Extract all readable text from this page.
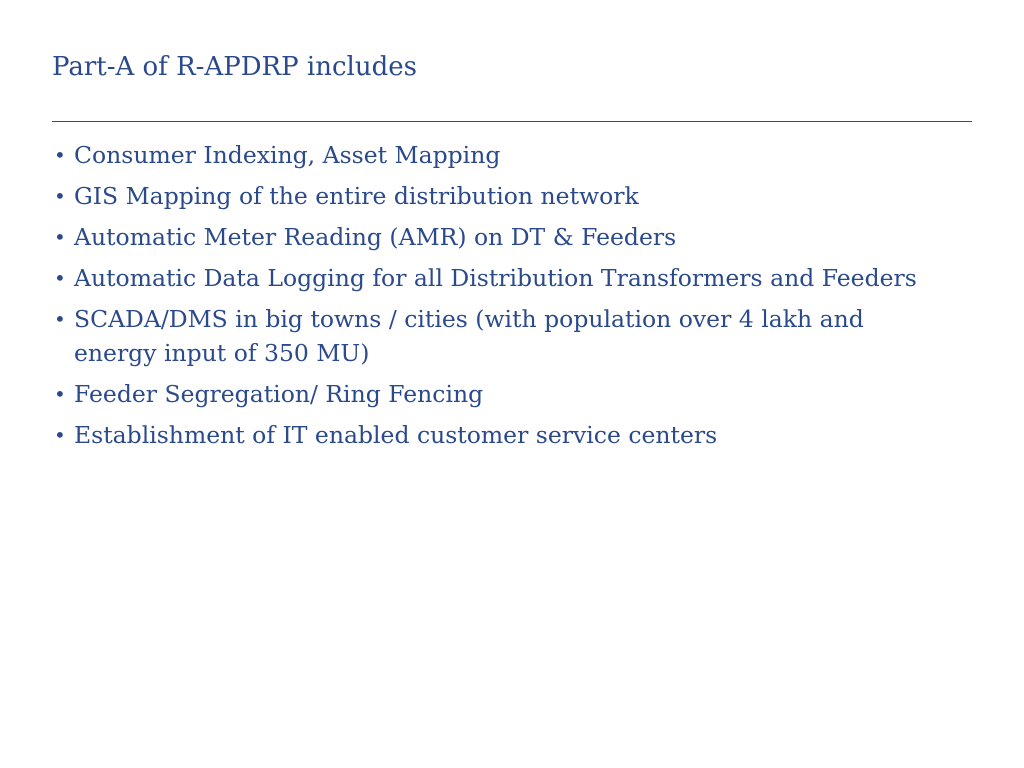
Part-A of R-APDRP includes
• Consumer Indexing, Asset Mapping
• GIS Mapping of the entire distribution network
• Automatic Meter Reading (AMR) on DT & Feeders
• Automatic Data Logging for all Distribution Transformers and Feeders
• SCADA/DMS in big towns / cities (with population over 4 lakh and energy input of 350 MU)
• Feeder Segregation/ Ring Fencing
• Establishment of IT enabled customer service centers
